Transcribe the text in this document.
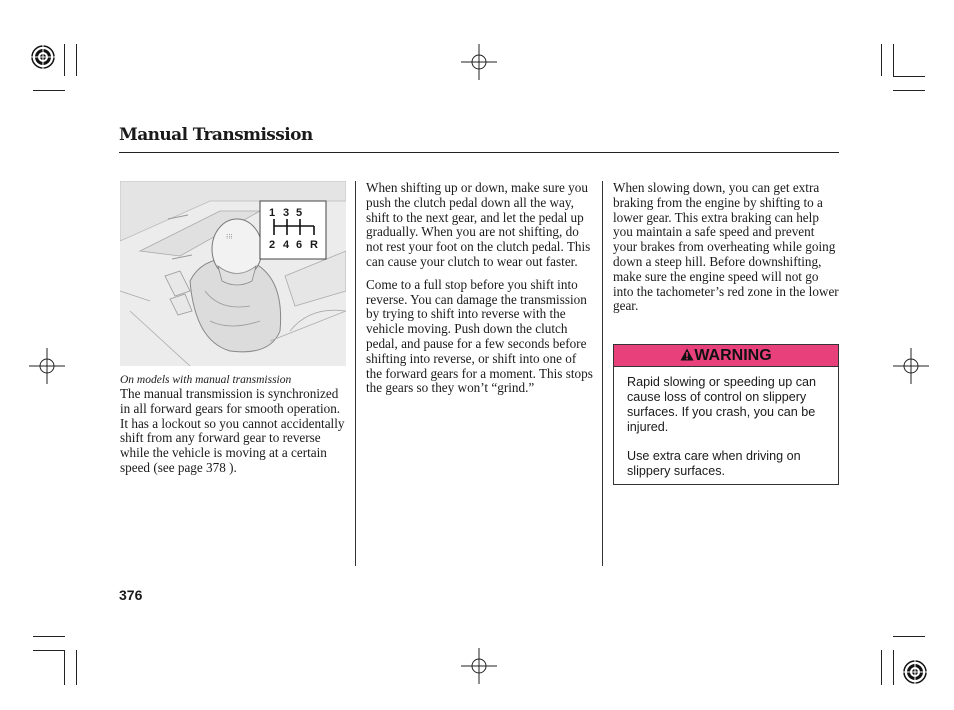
Manual Transmission
⁝⁝⁝
1 3 5
2 4 6 R
On models with manual transmission

The manual transmission is synchronized in all forward gears for smooth operation. It has a lockout so you cannot accidentally shift from any forward gear to reverse while the vehicle is moving at a certain speed (see page 378 ).

When shifting up or down, make sure you push the clutch pedal down all the way, shift to the next gear, and let the pedal up gradually. When you are not shifting, do not rest your foot on the clutch pedal. This can cause your clutch to wear out faster.

Come to a full stop before you shift into reverse. You can damage the transmission by trying to shift into reverse with the vehicle moving. Push down the clutch pedal, and pause for a few seconds before shifting into reverse, or shift into one of the forward gears for a moment. This stops the gears so they won’t “grind.”

When slowing down, you can get extra braking from the engine by shifting to a lower gear. This extra braking can help you maintain a safe speed and prevent your brakes from overheating while going down a steep hill. Before downshifting, make sure the engine speed will not go into the tachometer’s red zone in the lower gear.

WARNING

Rapid slowing or speeding up can cause loss of control on slippery surfaces. If you crash, you can be injured.

Use extra care when driving on slippery surfaces.

376
